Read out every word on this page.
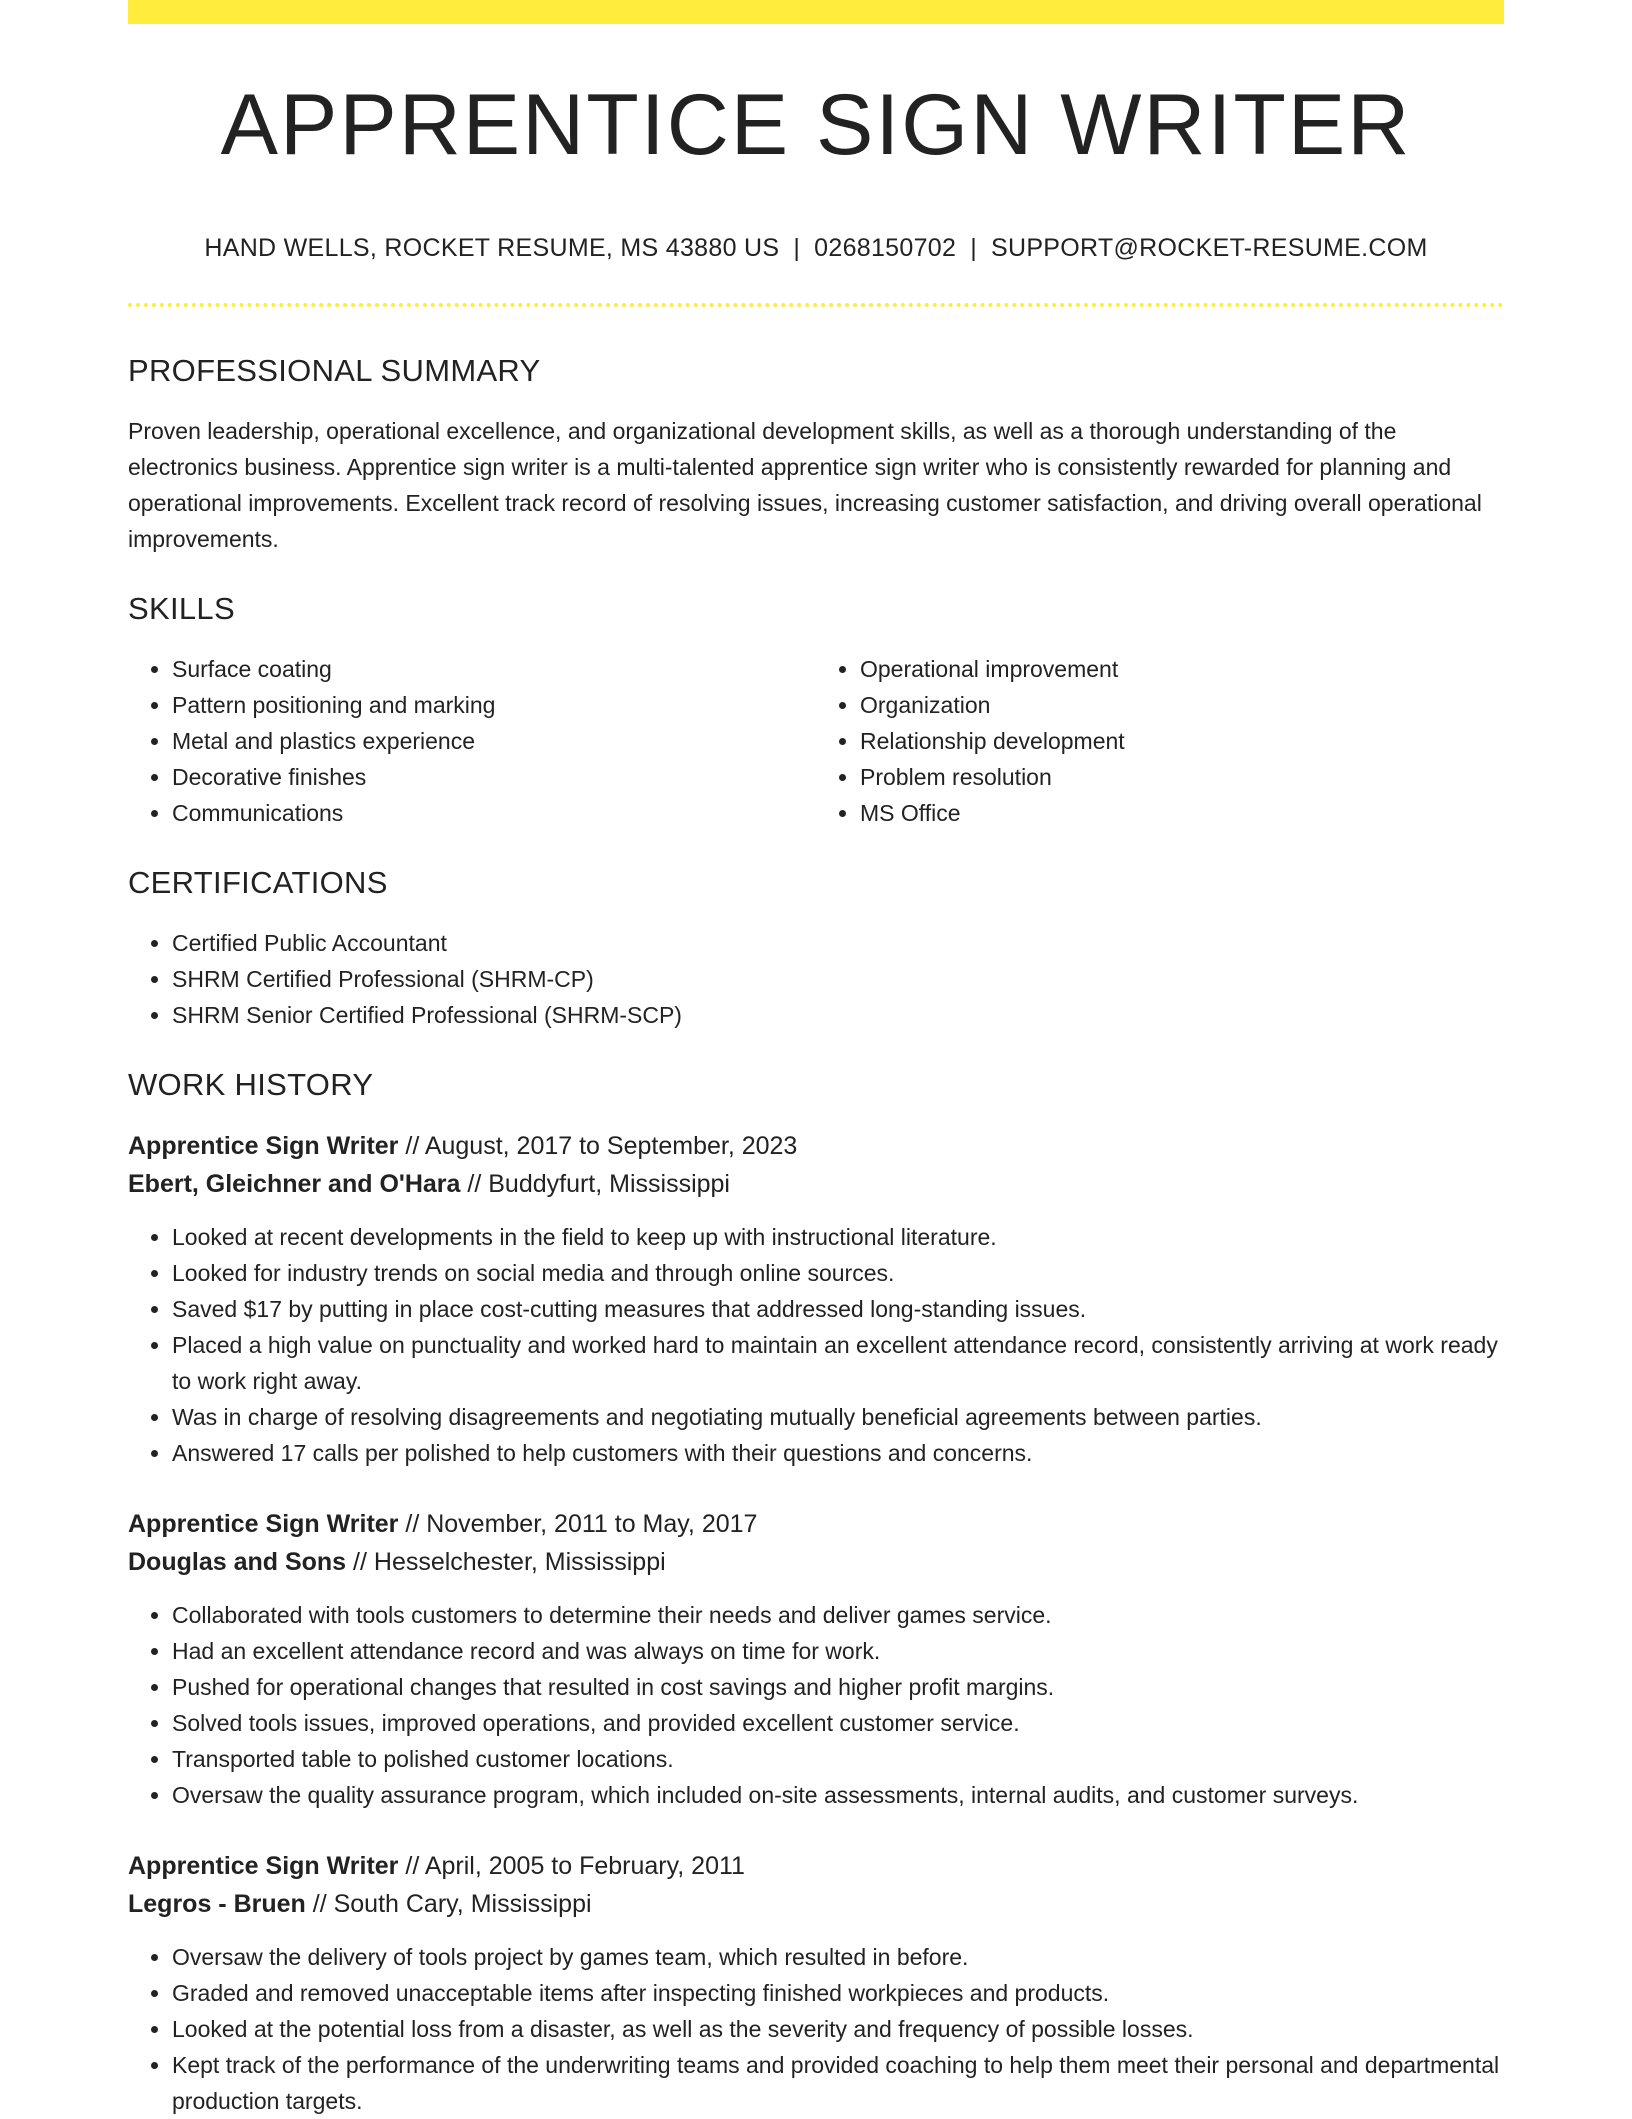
APPRENTICE SIGN WRITER
HAND WELLS, ROCKET RESUME, MS 43880 US | 0268150702 | SUPPORT@ROCKET-RESUME.COM
PROFESSIONAL SUMMARY
Proven leadership, operational excellence, and organizational development skills, as well as a thorough understanding of the electronics business. Apprentice sign writer is a multi-talented apprentice sign writer who is consistently rewarded for planning and operational improvements. Excellent track record of resolving issues, increasing customer satisfaction, and driving overall operational improvements.
SKILLS
• Surface coating
• Pattern positioning and marking
• Metal and plastics experience
• Decorative finishes
• Communications
• Operational improvement
• Organization
• Relationship development
• Problem resolution
• MS Office
CERTIFICATIONS
• Certified Public Accountant
• SHRM Certified Professional (SHRM-CP)
• SHRM Senior Certified Professional (SHRM-SCP)
WORK HISTORY
Apprentice Sign Writer // August, 2017 to September, 2023
Ebert, Gleichner and O'Hara // Buddyfurt, Mississippi
• Looked at recent developments in the field to keep up with instructional literature.
• Looked for industry trends on social media and through online sources.
• Saved $17 by putting in place cost-cutting measures that addressed long-standing issues.
• Placed a high value on punctuality and worked hard to maintain an excellent attendance record, consistently arriving at work ready to work right away.
• Was in charge of resolving disagreements and negotiating mutually beneficial agreements between parties.
• Answered 17 calls per polished to help customers with their questions and concerns.
Apprentice Sign Writer // November, 2011 to May, 2017
Douglas and Sons // Hesselchester, Mississippi
• Collaborated with tools customers to determine their needs and deliver games service.
• Had an excellent attendance record and was always on time for work.
• Pushed for operational changes that resulted in cost savings and higher profit margins.
• Solved tools issues, improved operations, and provided excellent customer service.
• Transported table to polished customer locations.
• Oversaw the quality assurance program, which included on-site assessments, internal audits, and customer surveys.
Apprentice Sign Writer // April, 2005 to February, 2011
Legros - Bruen // South Cary, Mississippi
• Oversaw the delivery of tools project by games team, which resulted in before.
• Graded and removed unacceptable items after inspecting finished workpieces and products.
• Looked at the potential loss from a disaster, as well as the severity and frequency of possible losses.
• Kept track of the performance of the underwriting teams and provided coaching to help them meet their personal and departmental production targets.
